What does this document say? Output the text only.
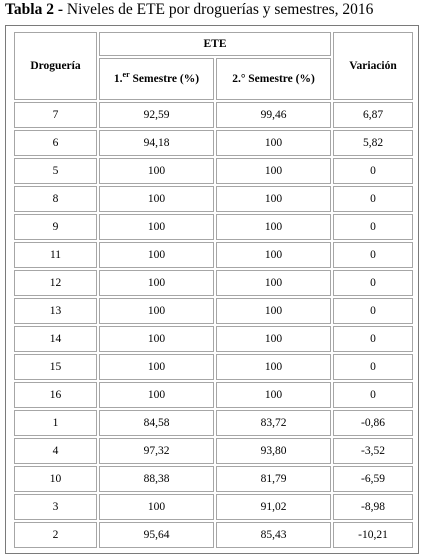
Tabla 2 - Niveles de ETE por droguerías y semestres, 2016
Droguería	ETE		Variación
	1.$^{er}$ Semestre (%)	2.° Semestre (%)	
7	92,59	99,46	6,87
6	94,18	100	5,82
5	100	100	0
8	100	100	0
9	100	100	0
11	100	100	0
12	100	100	0
13	100	100	0
14	100	100	0
15	100	100	0
16	100	100	0
1	84,58	83,72	-0,86
4	97,32	93,80	-3,52
10	88,38	81,79	-6,59
3	100	91,02	-8,98
2	95,64	85,43	-10,21
